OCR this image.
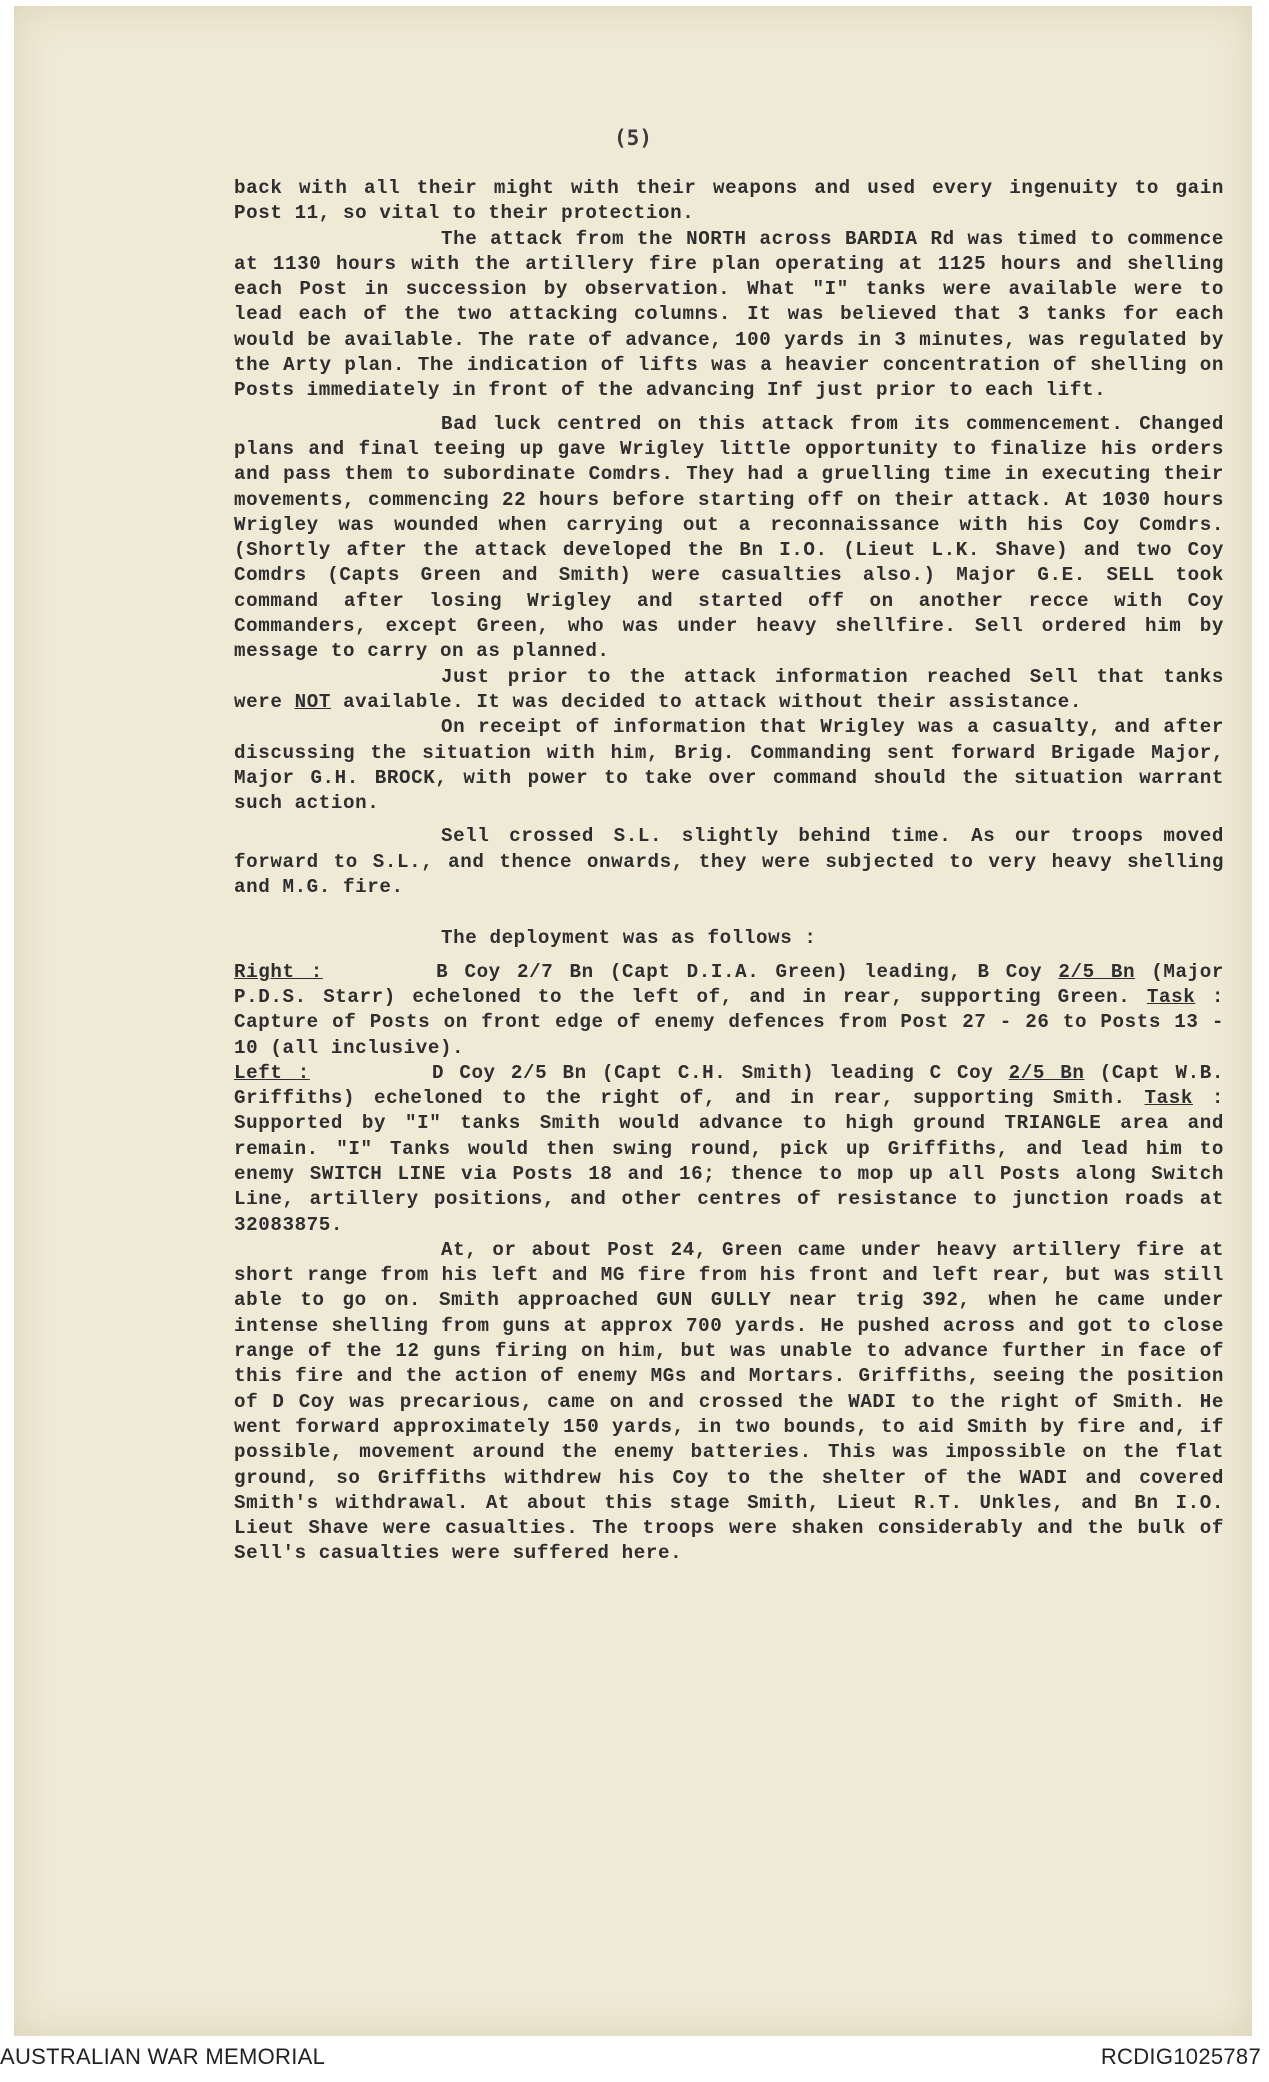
(5)

back with all their might with their weapons and used every ingenuity to gain Post 11, so vital to their protection.

The attack from the NORTH across BARDIA Rd was timed to commence at 1130 hours with the artillery fire plan operating at 1125 hours and shelling each Post in succession by observation. What "I" tanks were available were to lead each of the two attacking columns. It was believed that 3 tanks for each would be available. The rate of advance, 100 yards in 3 minutes, was regulated by the Arty plan. The indication of lifts was a heavier concentration of shelling on Posts immediately in front of the advancing Inf just prior to each lift.

Bad luck centred on this attack from its commencement. Changed plans and final teeing up gave Wrigley little opportunity to finalize his orders and pass them to subordinate Comdrs. They had a gruelling time in executing their movements, commencing 22 hours before starting off on their attack. At 1030 hours Wrigley was wounded when carrying out a reconnaissance with his Coy Comdrs. (Shortly after the attack developed the Bn I.O. (Lieut L.K. Shave) and two Coy Comdrs (Capts Green and Smith) were casualties also.) Major G.E. SELL took command after losing Wrigley and started off on another recce with Coy Commanders, except Green, who was under heavy shellfire. Sell ordered him by message to carry on as planned.

Just prior to the attack information reached Sell that tanks were NOT available. It was decided to attack without their assistance.

On receipt of information that Wrigley was a casualty, and after discussing the situation with him, Brig. Commanding sent forward Brigade Major, Major G.H. BROCK, with power to take over command should the situation warrant such action.

Sell crossed S.L. slightly behind time. As our troops moved forward to S.L., and thence onwards, they were subjected to very heavy shelling and M.G. fire.

The deployment was as follows :

Right :	B Coy 2/7 Bn (Capt D.I.A. Green) leading, B Coy 2/5 Bn (Major P.D.S. Starr) echeloned to the left of, and in rear, supporting Green. Task : Capture of Posts on front edge of enemy defences from Post 27 - 26 to Posts 13 - 10 (all inclusive).

Left :	D Coy 2/5 Bn (Capt C.H. Smith) leading C Coy 2/5 Bn (Capt W.B. Griffiths) echeloned to the right of, and in rear, supporting Smith. Task : Supported by "I" tanks Smith would advance to high ground TRIANGLE area and remain. "I" Tanks would then swing round, pick up Griffiths, and lead him to enemy SWITCH LINE via Posts 18 and 16; thence to mop up all Posts along Switch Line, artillery positions, and other centres of resistance to junction roads at 32083875.

At, or about Post 24, Green came under heavy artillery fire at short range from his left and MG fire from his front and left rear, but was still able to go on. Smith approached GUN GULLY near trig 392, when he came under intense shelling from guns at approx 700 yards. He pushed across and got to close range of the 12 guns firing on him, but was unable to advance further in face of this fire and the action of enemy MGs and Mortars. Griffiths, seeing the position of D Coy was precarious, came on and crossed the WADI to the right of Smith. He went forward approximately 150 yards, in two bounds, to aid Smith by fire and, if possible, movement around the enemy batteries. This was impossible on the flat ground, so Griffiths withdrew his Coy to the shelter of the WADI and covered Smith's withdrawal. At about this stage Smith, Lieut R.T. Unkles, and Bn I.O. Lieut Shave were casualties. The troops were shaken considerably and the bulk of Sell's casualties were suffered here.

AUSTRALIAN WAR MEMORIAL	RCDIG1025787
